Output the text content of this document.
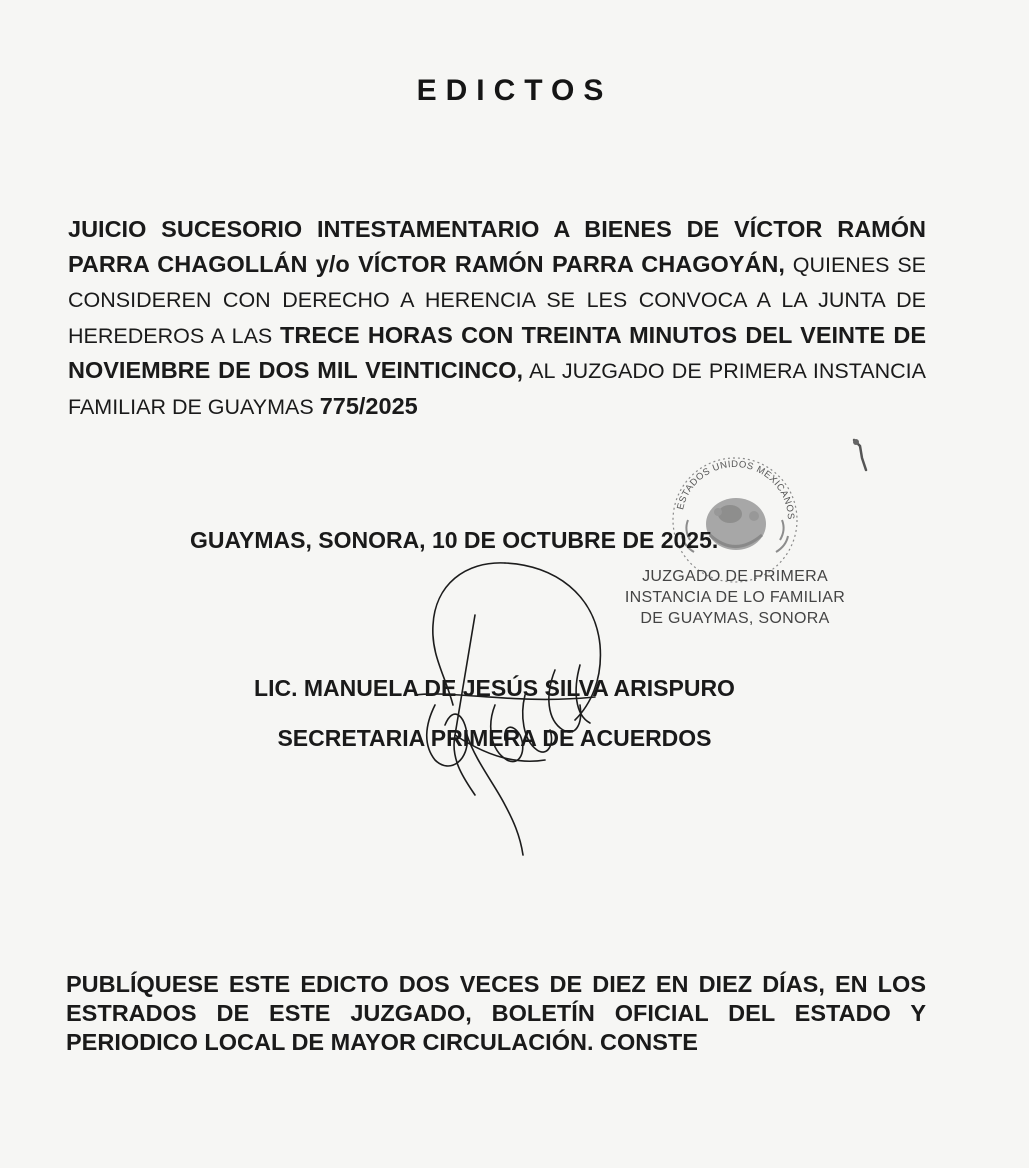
EDICTOS
JUICIO SUCESORIO INTESTAMENTARIO A BIENES DE VÍCTOR RAMÓN PARRA CHAGOLLÁN y/o VÍCTOR RAMÓN PARRA CHAGOYÁN, QUIENES SE CONSIDEREN CON DERECHO A HERENCIA SE LES CONVOCA A LA JUNTA DE HEREDEROS A LAS TRECE HORAS CON TREINTA MINUTOS DEL VEINTE DE NOVIEMBRE DE DOS MIL VEINTICINCO, AL JUZGADO DE PRIMERA INSTANCIA FAMILIAR DE GUAYMAS 775/2025
ESTADOS UNIDOS MEXICANOS
GUAYMAS, SONORA, 10 DE OCTUBRE DE 2025.
JUZGADO DE PRIMERA
INSTANCIA DE LO FAMILIAR
DE GUAYMAS, SONORA
LIC. MANUELA DE JESÚS SILVA ARISPURO
SECRETARIA PRIMERA DE ACUERDOS
PUBLÍQUESE ESTE EDICTO DOS VECES DE DIEZ EN DIEZ DÍAS, EN LOS ESTRADOS DE ESTE JUZGADO, BOLETÍN OFICIAL DEL ESTADO Y PERIODICO LOCAL DE MAYOR CIRCULACIÓN. CONSTE
